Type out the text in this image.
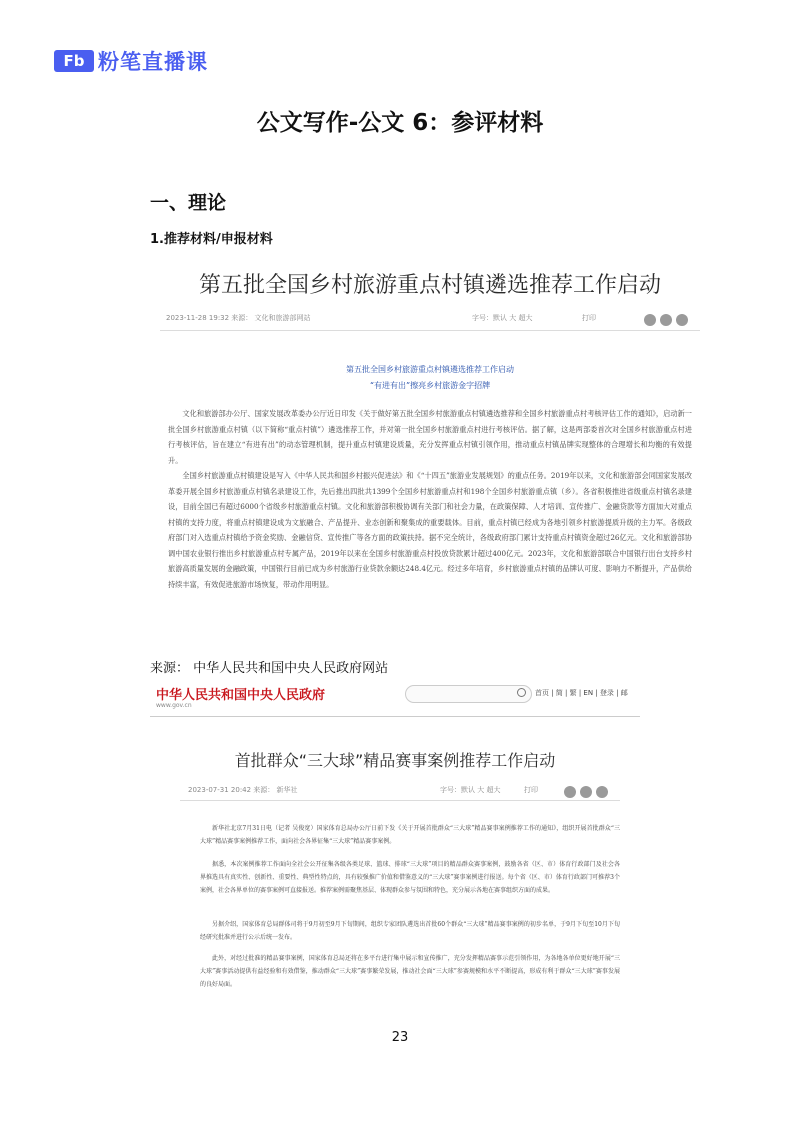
Fb 粉笔直播课
公文写作-公文 6：参评材料
一、理论
1.推荐材料/申报材料
第五批全国乡村旅游重点村镇遴选推荐工作启动
2023-11-28 19:32 来源： 文化和旅游部网站	字号：默认 大 超大	打印
第五批全国乡村旅游重点村镇遴选推荐工作启动
“有进有出”擦亮乡村旅游金字招牌
文化和旅游部办公厅、国家发展改革委办公厅近日印发《关于做好第五批全国乡村旅游重点村镇遴选推荐和全国乡村旅游重点村考核评估工作的通知》，启动新一批全国乡村旅游重点村镇（以下简称“重点村镇”）遴选推荐工作，并对第一批全国乡村旅游重点村进行考核评估。据了解，这是两部委首次对全国乡村旅游重点村进行考核评估，旨在建立“有进有出”的动态管理机制，提升重点村镇建设质量，充分发挥重点村镇引领作用，推动重点村镇品牌实现整体的合理增长和均衡的有效提升。
全国乡村旅游重点村镇建设是写入《中华人民共和国乡村振兴促进法》和《“十四五”旅游业发展规划》的重点任务。2019年以来，文化和旅游部会同国家发展改革委开展全国乡村旅游重点村镇名录建设工作，先后推出四批共1399个全国乡村旅游重点村和198个全国乡村旅游重点镇（乡）。各省积极推进省级重点村镇名录建设，目前全国已有超过6000个省级乡村旅游重点村镇。文化和旅游部积极协调有关部门和社会力量，在政策保障、人才培训、宣传推广、金融贷款等方面加大对重点村镇的支持力度，将重点村镇建设成为文旅融合、产品提升、业态创新和聚集成的重要载体。目前，重点村镇已经成为各地引领乡村旅游提质升级的主力军。各级政府部门对入选重点村镇给予资金奖励、金融信贷、宣传推广等各方面的政策扶持。据不完全统计，各级政府部门累计支持重点村镇资金超过26亿元。文化和旅游部协调中国农业银行推出乡村旅游重点村专属产品，2019年以来在全国乡村旅游重点村投放贷款累计超过400亿元。2023年，文化和旅游部联合中国银行出台支持乡村旅游高质量发展的金融政策，中国银行目前已成为乡村旅游行业贷款余额达248.4亿元。经过多年培育，乡村旅游重点村镇的品牌认可度、影响力不断提升，产品供给持续丰富，有效促进旅游市场恢复，带动作用明显。
来源： 中华人民共和国中央人民政府网站
中华人民共和国中央人民政府
www.gov.cn
首页 | 简 | 繁 | EN | 登录 | 邮
首批群众“三大球”精品赛事案例推荐工作启动
2023-07-31 20:42 来源： 新华社	字号：默认 大 超大	打印
新华社北京7月31日电（记者 吴俊宽）国家体育总局办公厅日前下发《关于开展首批群众“三大球”精品赛事案例推荐工作的通知》，组织开展首批群众“三大球”精品赛事案例推荐工作，面向社会各界征集“三大球”精品赛事案例。
据悉，本次案例推荐工作面向全社会公开征集各级各类足球、篮球、排球“三大球”项目的精品群众赛事案例，鼓励各省（区、市）体育行政部门及社会各界推选具有真实性、创新性、重要性、典型性特点的，具有较强推广价值和借鉴意义的“三大球”赛事案例进行报送。每个省（区、市）体育行政部门可推荐3个案例，社会各界单位的赛事案例可直接报送。推荐案例需聚焦基层、体现群众参与氛围和特色，充分展示各地在赛事组织方面的成果。
另据介绍，国家体育总局群体司将于9月初至9月下旬期间，组织专家团队遴选出首批60个群众“三大球”精品赛事案例的初步名单，于9月下旬至10月下旬经研究批准并进行公示后统一发布。
此外，对经过批准的精品赛事案例，国家体育总局还将在多平台进行集中展示和宣传推广，充分发挥精品赛事示范引领作用，为各地各单位更好地开展“三大球”赛事活动提供有益经验和有效借鉴，推动群众“三大球”赛事繁荣发展，推动社会面“三大球”参赛规模和水平不断提高，形成有利于群众“三大球”赛事发展的良好局面。
23
